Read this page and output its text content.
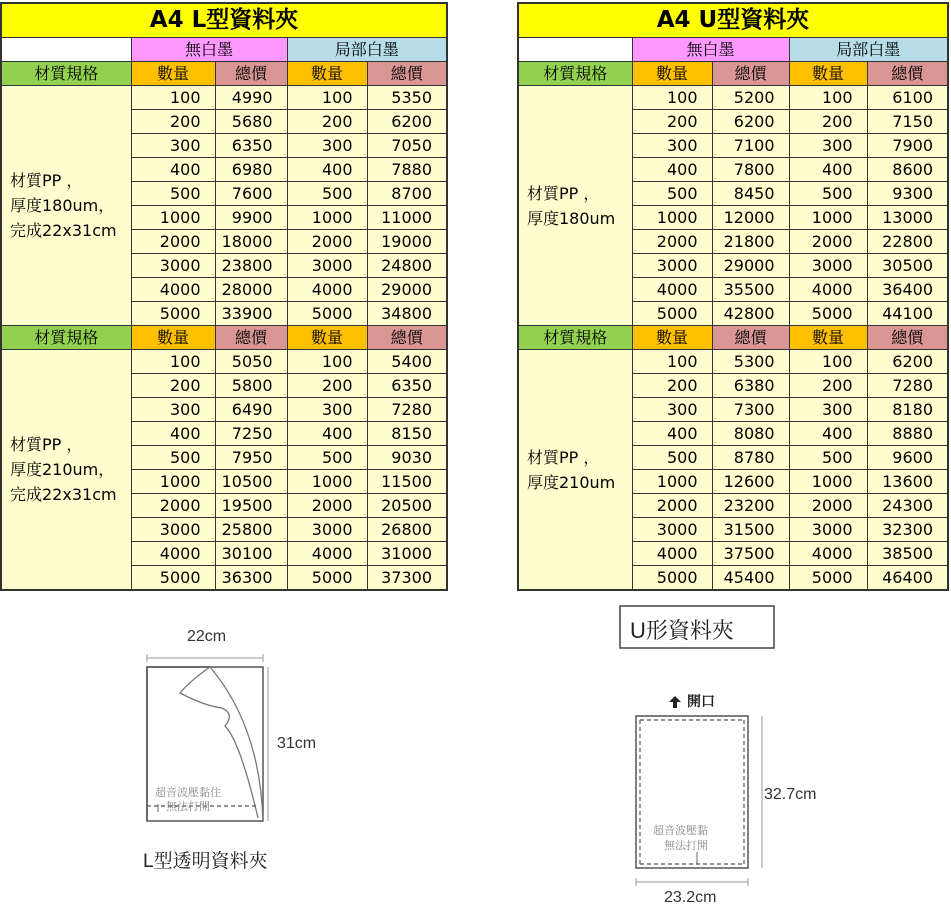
A4 L型資料夾				
	無白墨		局部白墨	
材質規格	數量	總價	數量	總價

材質PP ，
厚度180um，
完成22x31cm	100	4990	100	5350
	200	5680	200	6200
	300	6350	300	7050
	400	6980	400	7880
	500	7600	500	8700
	1000	9900	1000	11000
	2000	18000	2000	19000
	3000	23800	3000	24800
	4000	28000	4000	29000
	5000	33900	5000	34800
材質規格	數量	總價	數量	總價

材質PP ，
厚度210um，
完成22x31cm	100	5050	100	5400
	200	5800	200	6350
	300	6490	300	7280
	400	7250	400	8150
	500	7950	500	9030
	1000	10500	1000	11500
	2000	19500	2000	20500
	3000	25800	3000	26800
	4000	30100	4000	31000
	5000	36300	5000	37300
A4 U型資料夾				
	無白墨		局部白墨	
材質規格	數量	總價	數量	總價

材質PP ，
厚度180um	100	5200	100	6100
	200	6200	200	7150
	300	7100	300	7900
	400	7800	400	8600
	500	8450	500	9300
	1000	12000	1000	13000
	2000	21800	2000	22800
	3000	29000	3000	30500
	4000	35500	4000	36400
	5000	42800	5000	44100
材質規格	數量	總價	數量	總價

材質PP ，
厚度210um	100	5300	100	6200
	200	6380	200	7280
	300	7300	300	8180
	400	8080	400	8880
	500	8780	500	9600
	1000	12600	1000	13600
	2000	23200	2000	24300
	3000	31500	3000	32300
	4000	37500	4000	38500
	5000	45400	5000	46400
22cm
31cm
超音波壓黏住
無法打開
L型透明資料夾
U形資料夾
開口
32.7cm
超音波壓黏
無法打開
23.2cm
